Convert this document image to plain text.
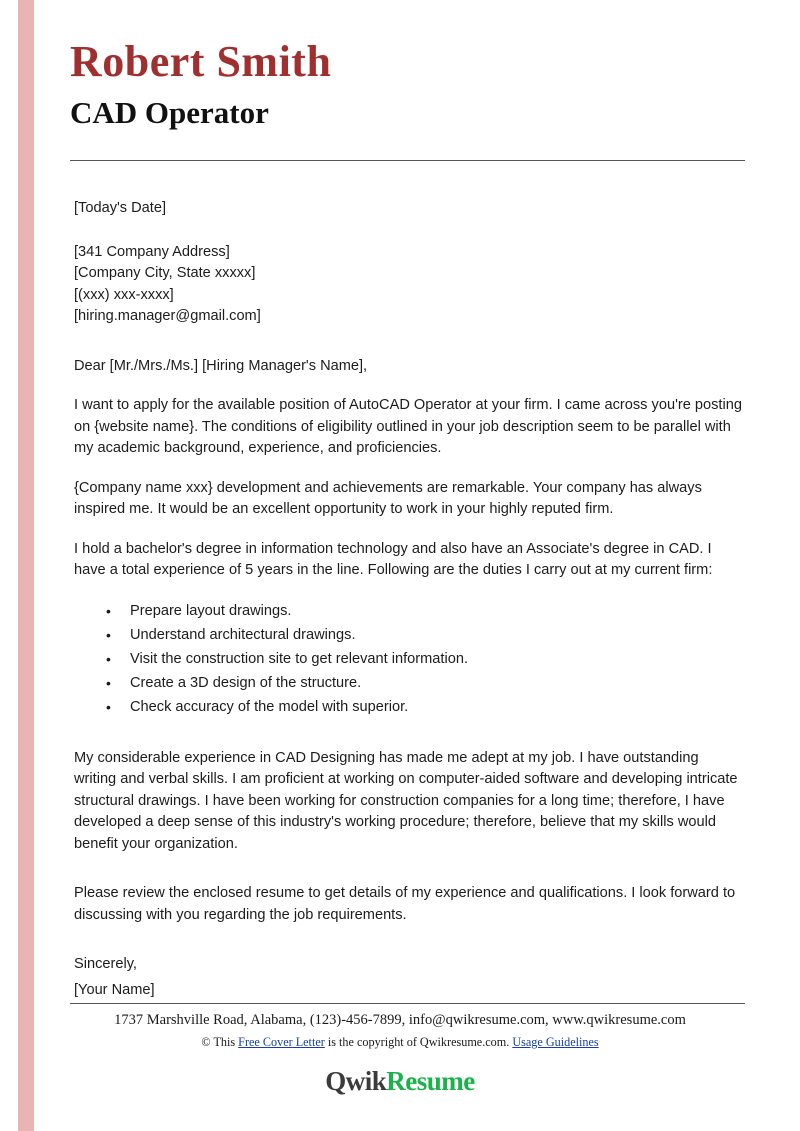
Robert Smith
CAD Operator
[Today's Date]
[341 Company Address]
[Company City, State xxxxx]
[(xxx) xxx-xxxx]
[hiring.manager@gmail.com]
Dear [Mr./Mrs./Ms.] [Hiring Manager's Name],

I want to apply for the available position of AutoCAD Operator at your firm. I came across you're posting on {website name}. The conditions of eligibility outlined in your job description seem to be parallel with my academic background, experience, and proficiencies.

{Company name xxx} development and achievements are remarkable. Your company has always inspired me. It would be an excellent opportunity to work in your highly reputed firm.

I hold a bachelor's degree in information technology and also have an Associate's degree in CAD. I have a total experience of 5 years in the line. Following are the duties I carry out at my current firm:

• Prepare layout drawings.
• Understand architectural drawings.
• Visit the construction site to get relevant information.
• Create a 3D design of the structure.
• Check accuracy of the model with superior.

My considerable experience in CAD Designing has made me adept at my job. I have outstanding writing and verbal skills. I am proficient at working on computer-aided software and developing intricate structural drawings. I have been working for construction companies for a long time; therefore, I have developed a deep sense of this industry's working procedure; therefore, believe that my skills would benefit your organization.

Please review the enclosed resume to get details of my experience and qualifications. I look forward to discussing with you regarding the job requirements.

Sincerely,

[Your Name]

1737 Marshville Road, Alabama, (123)-456-7899, info@qwikresume.com, www.qwikresume.com

© This Free Cover Letter is the copyright of Qwikresume.com. Usage Guidelines

QwikResume
